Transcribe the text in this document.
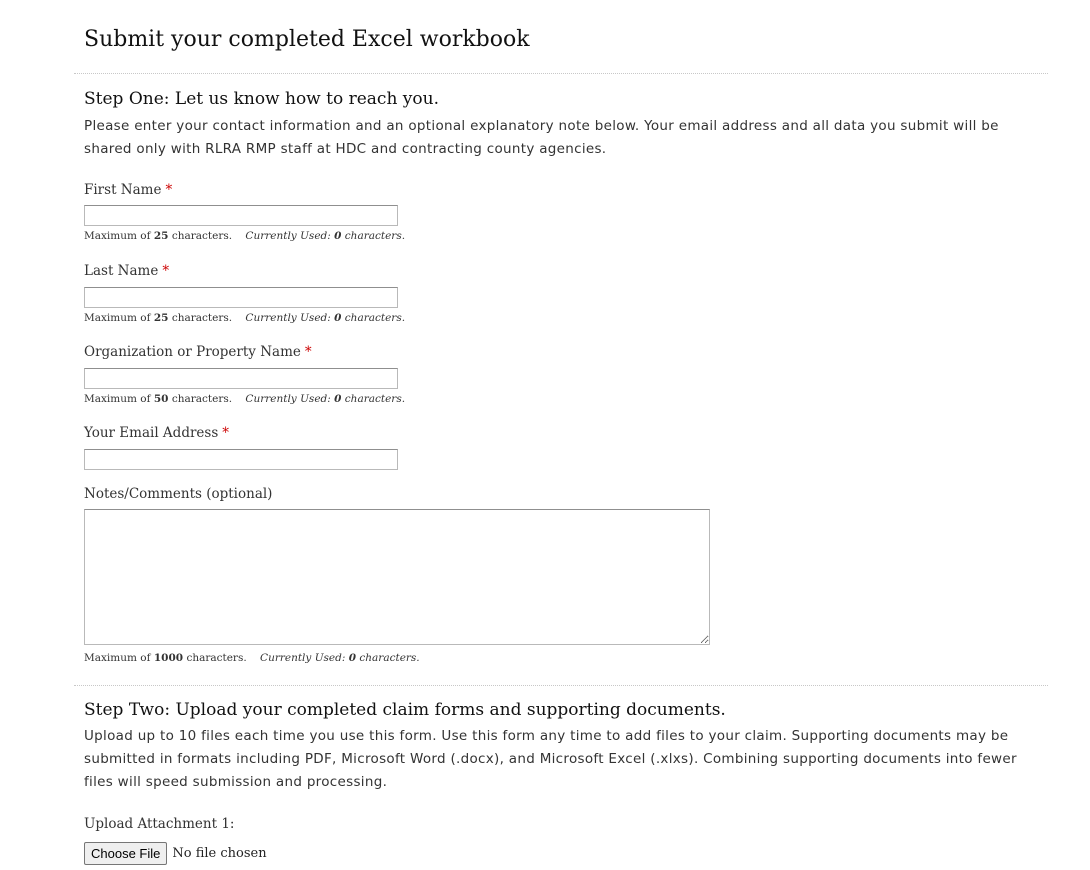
Submit your completed Excel workbook
Step One: Let us know how to reach you.

Please enter your contact information and an optional explanatory note below. Your email address and all data you submit will be shared only with RLRA RMP staff at HDC and contracting county agencies.

First Name *
Maximum of 25 characters. Currently Used: 0 characters.
Last Name *
Maximum of 25 characters. Currently Used: 0 characters.
Organization or Property Name *
Maximum of 50 characters. Currently Used: 0 characters.
Your Email Address *
Notes/Comments (optional)
Maximum of 1000 characters. Currently Used: 0 characters.
Step Two: Upload your completed claim forms and supporting documents.

Upload up to 10 files each time you use this form. Use this form any time to add files to your claim. Supporting documents may be submitted in formats including PDF, Microsoft Word (.docx), and Microsoft Excel (.xlxs). Combining supporting documents into fewer files will speed submission and processing.

Upload Attachment 1:
Choose File No file chosen
